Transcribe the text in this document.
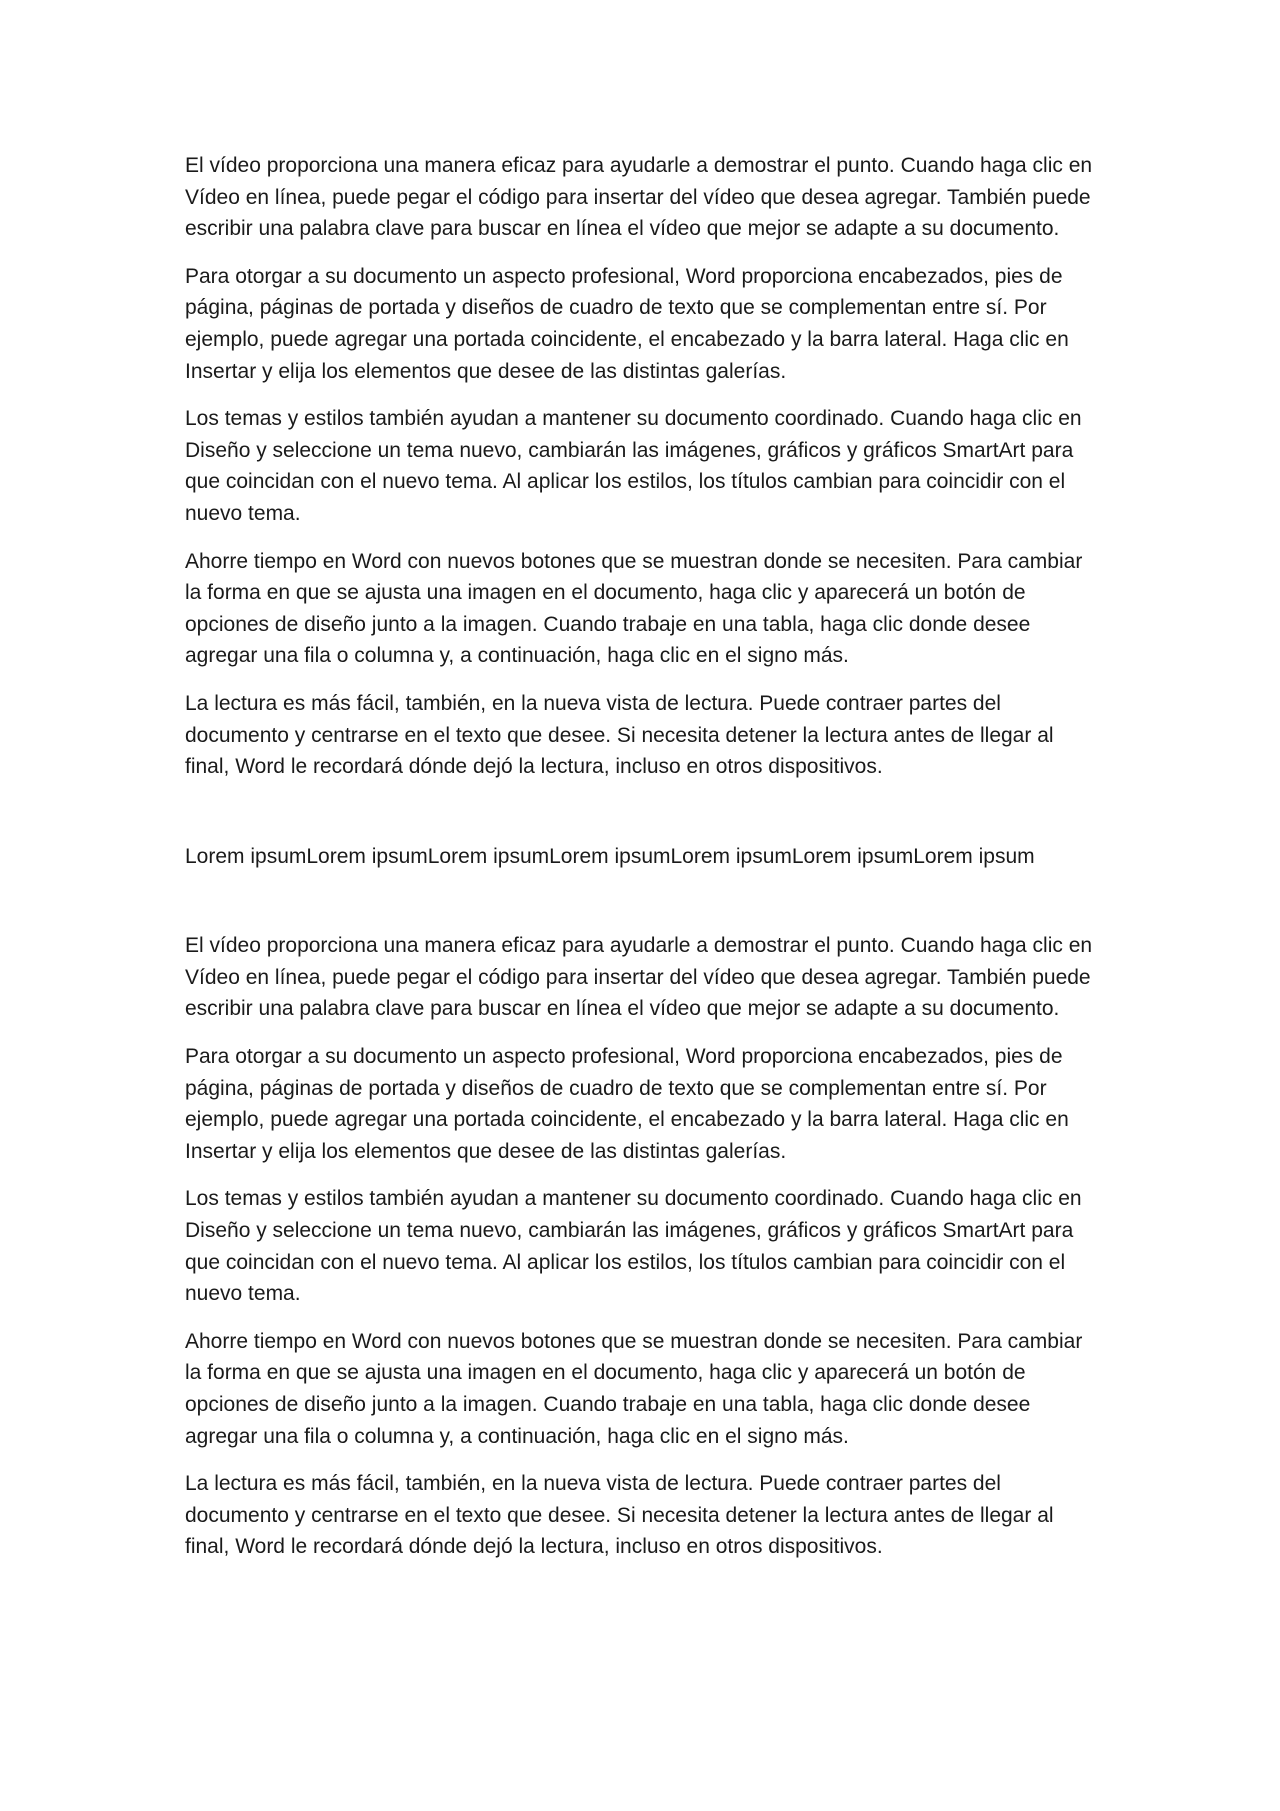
El vídeo proporciona una manera eficaz para ayudarle a demostrar el punto. Cuando haga clic en Vídeo en línea, puede pegar el código para insertar del vídeo que desea agregar. También puede escribir una palabra clave para buscar en línea el vídeo que mejor se adapte a su documento.

Para otorgar a su documento un aspecto profesional, Word proporciona encabezados, pies de página, páginas de portada y diseños de cuadro de texto que se complementan entre sí. Por ejemplo, puede agregar una portada coincidente, el encabezado y la barra lateral. Haga clic en Insertar y elija los elementos que desee de las distintas galerías.

Los temas y estilos también ayudan a mantener su documento coordinado. Cuando haga clic en Diseño y seleccione un tema nuevo, cambiarán las imágenes, gráficos y gráficos SmartArt para que coincidan con el nuevo tema. Al aplicar los estilos, los títulos cambian para coincidir con el nuevo tema.

Ahorre tiempo en Word con nuevos botones que se muestran donde se necesiten. Para cambiar la forma en que se ajusta una imagen en el documento, haga clic y aparecerá un botón de opciones de diseño junto a la imagen. Cuando trabaje en una tabla, haga clic donde desee agregar una fila o columna y, a continuación, haga clic en el signo más.

La lectura es más fácil, también, en la nueva vista de lectura. Puede contraer partes del documento y centrarse en el texto que desee. Si necesita detener la lectura antes de llegar al final, Word le recordará dónde dejó la lectura, incluso en otros dispositivos.

Lorem ipsumLorem ipsumLorem ipsumLorem ipsumLorem ipsumLorem ipsumLorem ipsum

El vídeo proporciona una manera eficaz para ayudarle a demostrar el punto. Cuando haga clic en Vídeo en línea, puede pegar el código para insertar del vídeo que desea agregar. También puede escribir una palabra clave para buscar en línea el vídeo que mejor se adapte a su documento.

Para otorgar a su documento un aspecto profesional, Word proporciona encabezados, pies de página, páginas de portada y diseños de cuadro de texto que se complementan entre sí. Por ejemplo, puede agregar una portada coincidente, el encabezado y la barra lateral. Haga clic en Insertar y elija los elementos que desee de las distintas galerías.

Los temas y estilos también ayudan a mantener su documento coordinado. Cuando haga clic en Diseño y seleccione un tema nuevo, cambiarán las imágenes, gráficos y gráficos SmartArt para que coincidan con el nuevo tema. Al aplicar los estilos, los títulos cambian para coincidir con el nuevo tema.

Ahorre tiempo en Word con nuevos botones que se muestran donde se necesiten. Para cambiar la forma en que se ajusta una imagen en el documento, haga clic y aparecerá un botón de opciones de diseño junto a la imagen. Cuando trabaje en una tabla, haga clic donde desee agregar una fila o columna y, a continuación, haga clic en el signo más.

La lectura es más fácil, también, en la nueva vista de lectura. Puede contraer partes del documento y centrarse en el texto que desee. Si necesita detener la lectura antes de llegar al final, Word le recordará dónde dejó la lectura, incluso en otros dispositivos.
